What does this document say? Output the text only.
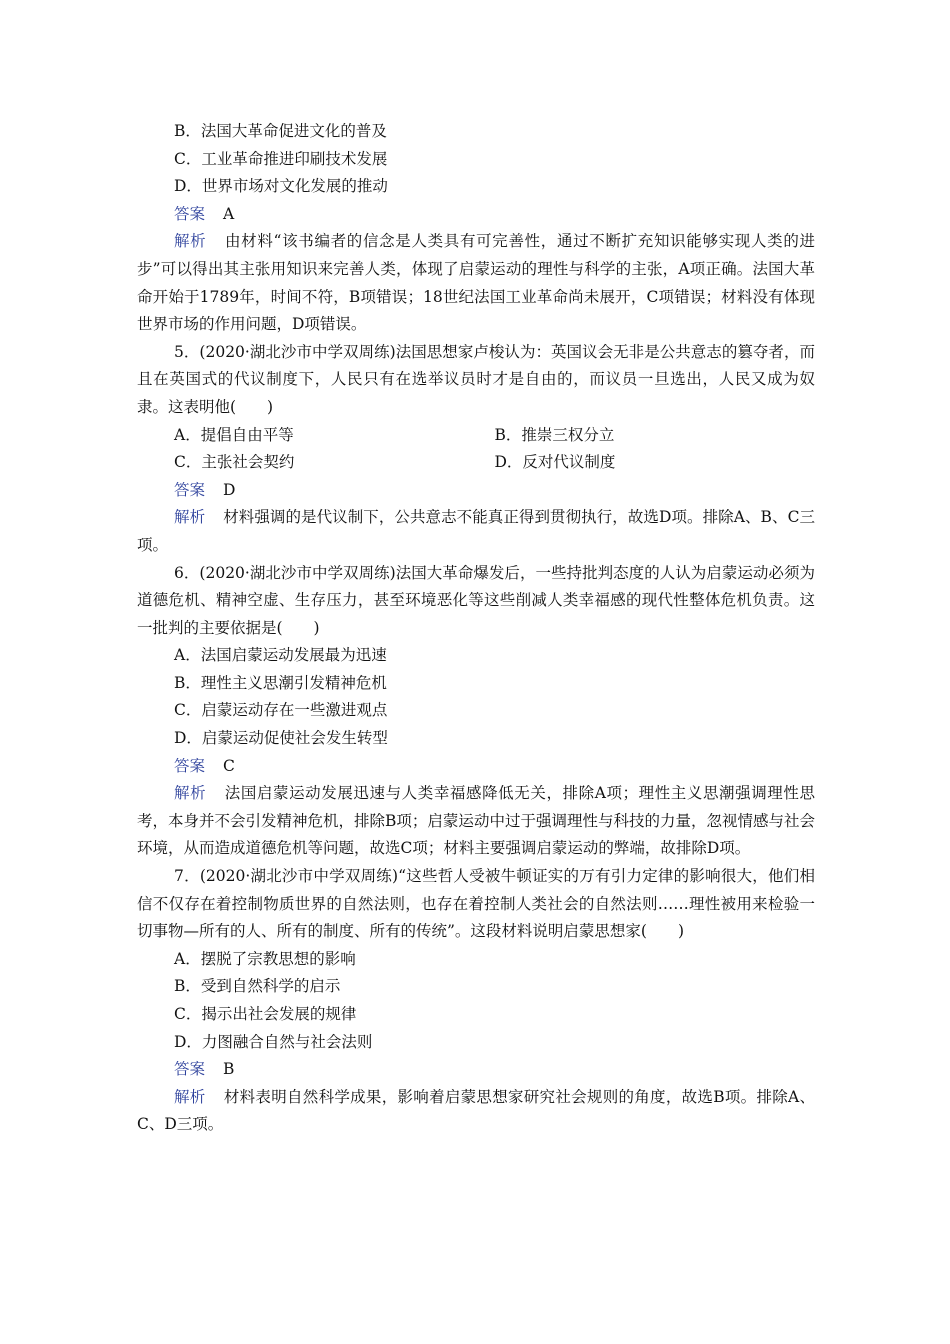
B．法国大革命促进文化的普及

C．工业革命推进印刷技术发展

D．世界市场对文化发展的推动

答案 A

解析 由材料“该书编者的信念是人类具有可完善性，通过不断扩充知识能够实现人类的进步”可以得出其主张用知识来完善人类，体现了启蒙运动的理性与科学的主张，A项正确。法国大革命开始于1789年，时间不符，B项错误；18世纪法国工业革命尚未展开，C项错误；材料没有体现世界市场的作用问题，D项错误。

5．(2020·湖北沙市中学双周练)法国思想家卢梭认为：英国议会无非是公共意志的篡夺者，而且在英国式的代议制度下，人民只有在选举议员时才是自由的，而议员一旦选出，人民又成为奴隶。这表明他(　　)

A．提倡自由平等	B．推崇三权分立
C．主张社会契约	D．反对代议制度

答案 D

解析 材料强调的是代议制下，公共意志不能真正得到贯彻执行，故选D项。排除A、B、C三项。

6．(2020·湖北沙市中学双周练)法国大革命爆发后，一些持批判态度的人认为启蒙运动必须为道德危机、精神空虚、生存压力，甚至环境恶化等这些削减人类幸福感的现代性整体危机负责。这一批判的主要依据是(　　)

A．法国启蒙运动发展最为迅速

B．理性主义思潮引发精神危机

C．启蒙运动存在一些激进观点

D．启蒙运动促使社会发生转型

答案 C

解析 法国启蒙运动发展迅速与人类幸福感降低无关，排除A项；理性主义思潮强调理性思考，本身并不会引发精神危机，排除B项；启蒙运动中过于强调理性与科技的力量，忽视情感与社会环境，从而造成道德危机等问题，故选C项；材料主要强调启蒙运动的弊端，故排除D项。

7．(2020·湖北沙市中学双周练)“这些哲人受被牛顿证实的万有引力定律的影响很大，他们相信不仅存在着控制物质世界的自然法则，也存在着控制人类社会的自然法则……理性被用来检验一切事物—所有的人、所有的制度、所有的传统”。这段材料说明启蒙思想家(　　)

A．摆脱了宗教思想的影响

B．受到自然科学的启示

C．揭示出社会发展的规律

D．力图融合自然与社会法则

答案 B

解析 材料表明自然科学成果，影响着启蒙思想家研究社会规则的角度，故选B项。排除A、C、D三项。
